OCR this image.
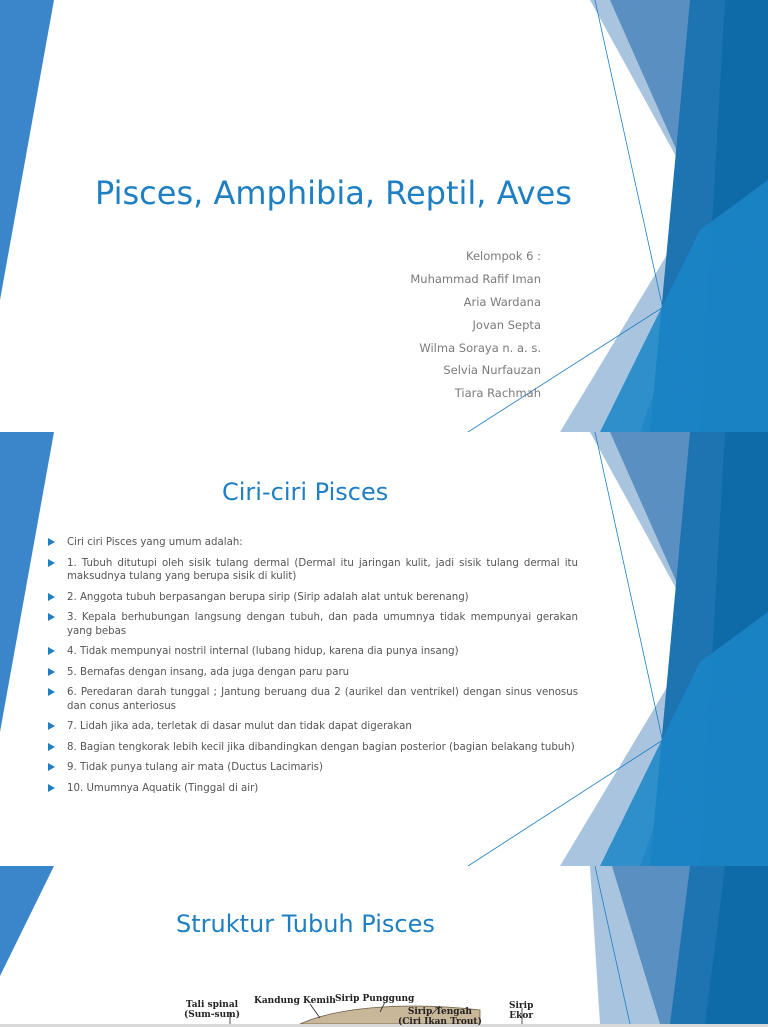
Pisces, Amphibia, Reptil, Aves
Kelompok 6 :
Muhammad Rafif Iman
Aria Wardana
Jovan Septa
Wilma Soraya n. a. s.
Selvia Nurfauzan
Tiara Rachmah
Ciri-ciri Pisces
Ciri ciri Pisces yang umum adalah:
1. Tubuh ditutupi oleh sisik tulang dermal (Dermal itu jaringan kulit, jadi sisik tulang dermal itu maksudnya tulang yang berupa sisik di kulit)
2. Anggota tubuh berpasangan berupa sirip (Sirip adalah alat untuk berenang)
3. Kepala berhubungan langsung dengan tubuh, dan pada umumnya tidak mempunyai gerakan yang bebas
4. Tidak mempunyai nostril internal (lubang hidup, karena dia punya insang)
5. Bernafas dengan insang, ada juga dengan paru paru
6. Peredaran darah tunggal ; Jantung beruang dua 2 (aurikel dan ventrikel) dengan sinus venosus dan conus anteriosus
7. Lidah jika ada, terletak di dasar mulut dan tidak dapat digerakan
8. Bagian tengkorak lebih kecil jika dibandingkan dengan bagian posterior (bagian belakang tubuh)
9. Tidak punya tulang air mata (Ductus Lacimaris)
10. Umumnya Aquatik (Tinggal di air)
Struktur Tubuh Pisces
Tali spinal
(Sum-sum)
Kandung Kemih Sirip Punggung
Sirip Tengah
(Ciri Ikan Trout)
Sirip
Ekor
